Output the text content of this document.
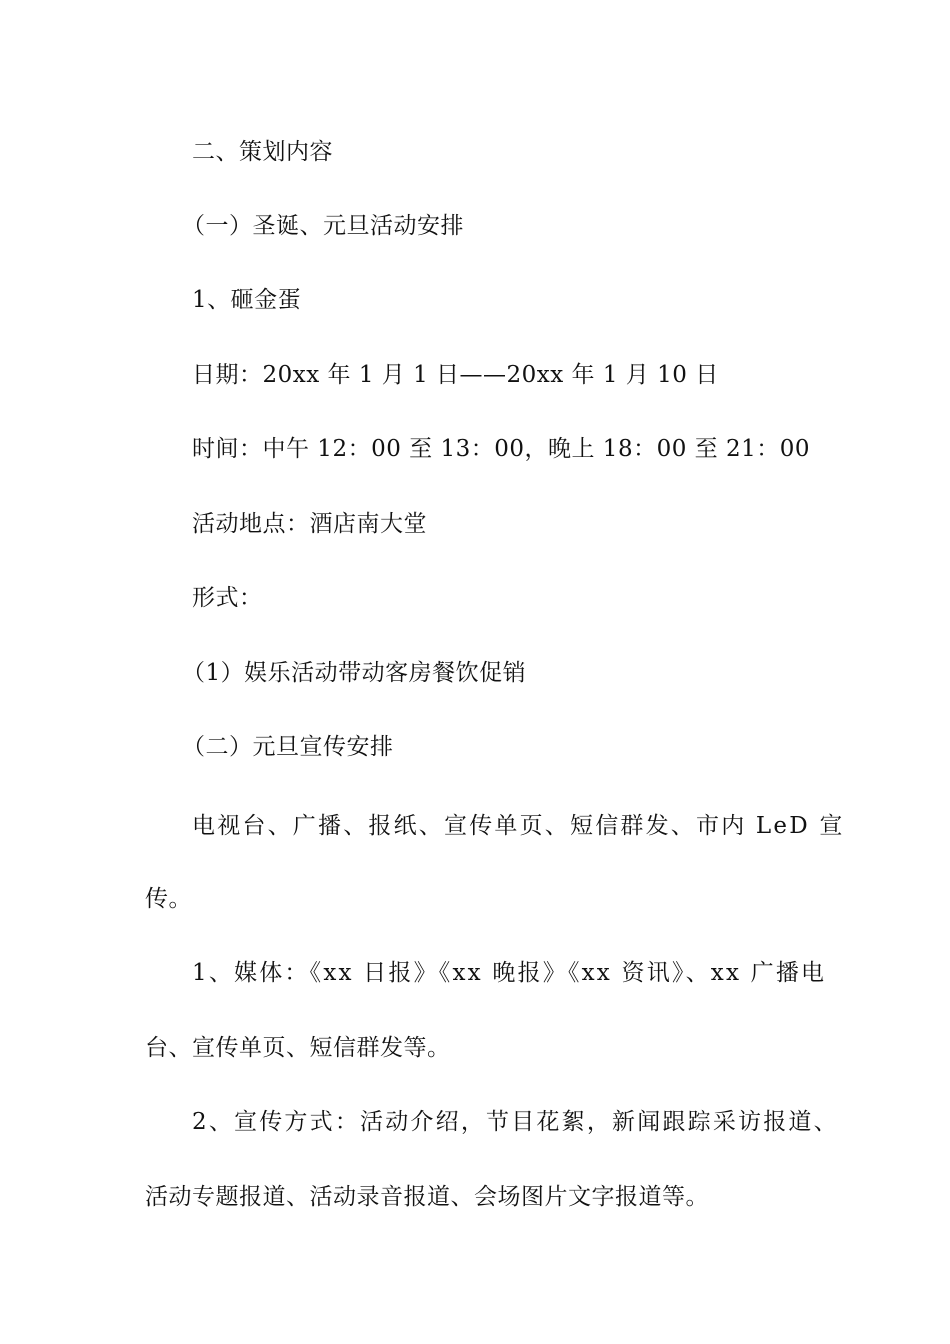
二、策划内容
（一）圣诞、元旦活动安排
1、砸金蛋
日期：20xx 年 1 月 1 日——20xx 年 1 月 10 日
时间：中午 12：00 至 13：00，晚上 18：00 至 21：00
活动地点：酒店南大堂
形式：
（1）娱乐活动带动客房餐饮促销
（二）元旦宣传安排
电视台、广播、报纸、宣传单页、短信群发、市内 LeD 宣
传。
1、媒体：《xx 日报》《xx 晚报》《xx 资讯》、xx 广播电
台、宣传单页、短信群发等。
2、宣传方式：活动介绍，节目花絮，新闻跟踪采访报道、
活动专题报道、活动录音报道、会场图片文字报道等。
